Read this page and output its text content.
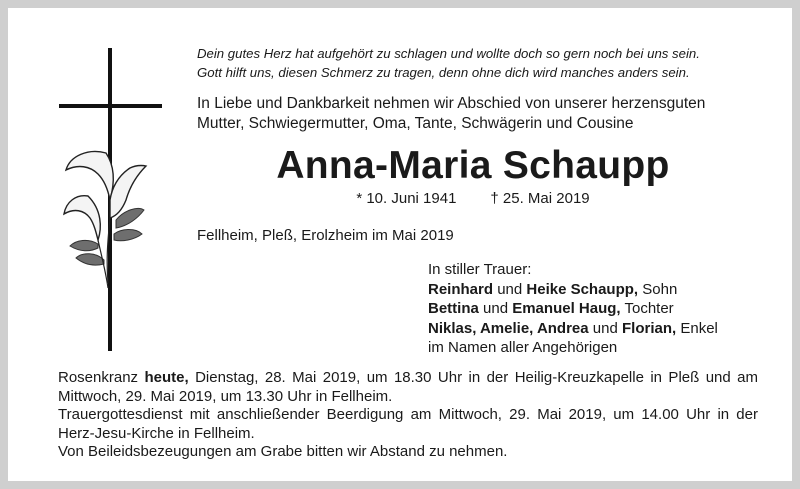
Dein gutes Herz hat aufgehört zu schlagen und wollte doch so gern noch bei uns sein.
Gott hilft uns, diesen Schmerz zu tragen, denn ohne dich wird manches anders sein.
In Liebe und Dankbarkeit nehmen wir Abschied von unserer herzensguten
Mutter, Schwiegermutter, Oma, Tante, Schwägerin und Cousine
Anna-Maria Schaupp
* 10. Juni 1941 † 25. Mai 2019
Fellheim, Pleß, Erolzheim im Mai 2019
In stiller Trauer:
Reinhard und Heike Schaupp, Sohn
Bettina und Emanuel Haug, Tochter
Niklas, Amelie, Andrea und Florian, Enkel
im Namen aller Angehörigen

Rosenkranz heute, Dienstag, 28. Mai 2019, um 18.30 Uhr in der Heilig-Kreuzkapelle in Pleß und am Mittwoch, 29. Mai 2019, um 13.30 Uhr in Fellheim.

Trauergottesdienst mit anschließender Beerdigung am Mittwoch, 29. Mai 2019, um 14.00 Uhr in der Herz-Jesu-Kirche in Fellheim.

Von Beileidsbezeugungen am Grabe bitten wir Abstand zu nehmen.
